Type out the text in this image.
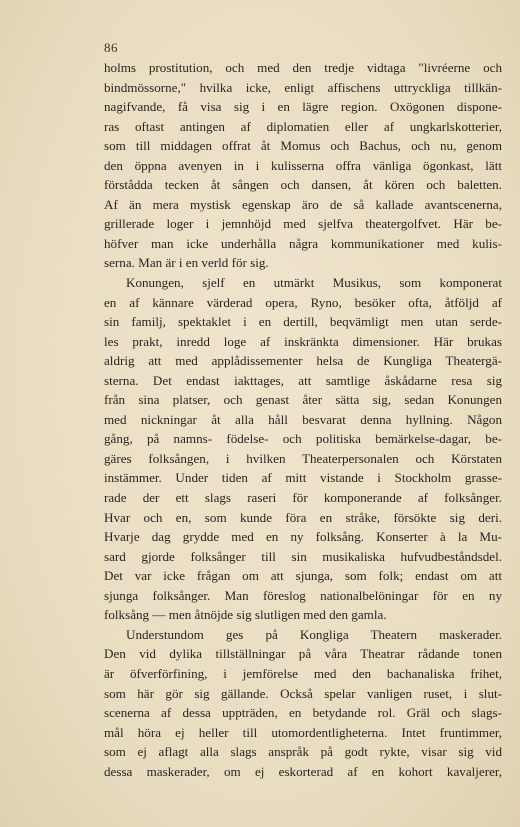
86
holms prostitution, och med den tredje vidtaga "livréerne och
bindmössorne," hvilka icke, enligt affischens uttryckliga tillkän-
nagifvande, få visa sig i en lägre region. Oxögonen dispone-
ras oftast antingen af diplomatien eller af ungkarlskotterier,
som till middagen offrat åt Momus och Bachus, och nu, genom
den öppna avenyen in i kulisserna offra vänliga ögonkast, lätt
förstådda tecken åt sången och dansen, åt kören och baletten.
Af än mera mystisk egenskap äro de så kallade avantscenerna,
grillerade loger i jemnhöjd med sjelfva theatergolfvet. Här be-
höfver man icke underhålla några kommunikationer med kulis-
serna. Man är i en verld för sig.
Konungen, sjelf en utmärkt Musikus, som komponerat
en af kännare värderad opera, Ryno, besöker ofta, åtföljd af
sin familj, spektaklet i en dertill, beqvämligt men utan serde-
les prakt, inredd loge af inskränkta dimensioner. Här brukas
aldrig att med applådissementer helsa de Kungliga Theatergä-
sterna. Det endast iakttages, att samtlige åskådarne resa sig
från sina platser, och genast åter sätta sig, sedan Konungen
med nickningar åt alla håll besvarat denna hyllning. Någon
gång, på namns- födelse- och politiska bemärkelse-dagar, be-
gäres folksången, i hvilken Theaterpersonalen och Körstaten
instämmer. Under tiden af mitt vistande i Stockholm grasse-
rade der ett slags raseri för komponerande af folksånger.
Hvar och en, som kunde föra en stråke, försökte sig deri.
Hvarje dag grydde med en ny folksång. Konserter à la Mu-
sard gjorde folksånger till sin musikaliska hufvudbeståndsdel.
Det var icke frågan om att sjunga, som folk; endast om att
sjunga folksånger. Man föreslog nationalbelöningar för en ny
folksång — men åtnöjde sig slutligen med den gamla.
Understundom ges på Kongliga Theatern maskerader.
Den vid dylika tillställningar på våra Theatrar rådande tonen
är öfverförfining, i jemförelse med den bachanaliska frihet,
som här gör sig gällande. Också spelar vanligen ruset, i slut-
scenerna af dessa uppträden, en betydande rol. Gräl och slags-
mål höra ej heller till utomordentligheterna. Intet fruntimmer,
som ej aflagt alla slags anspråk på godt rykte, visar sig vid
dessa maskerader, om ej eskorterad af en kohort kavaljerer,
